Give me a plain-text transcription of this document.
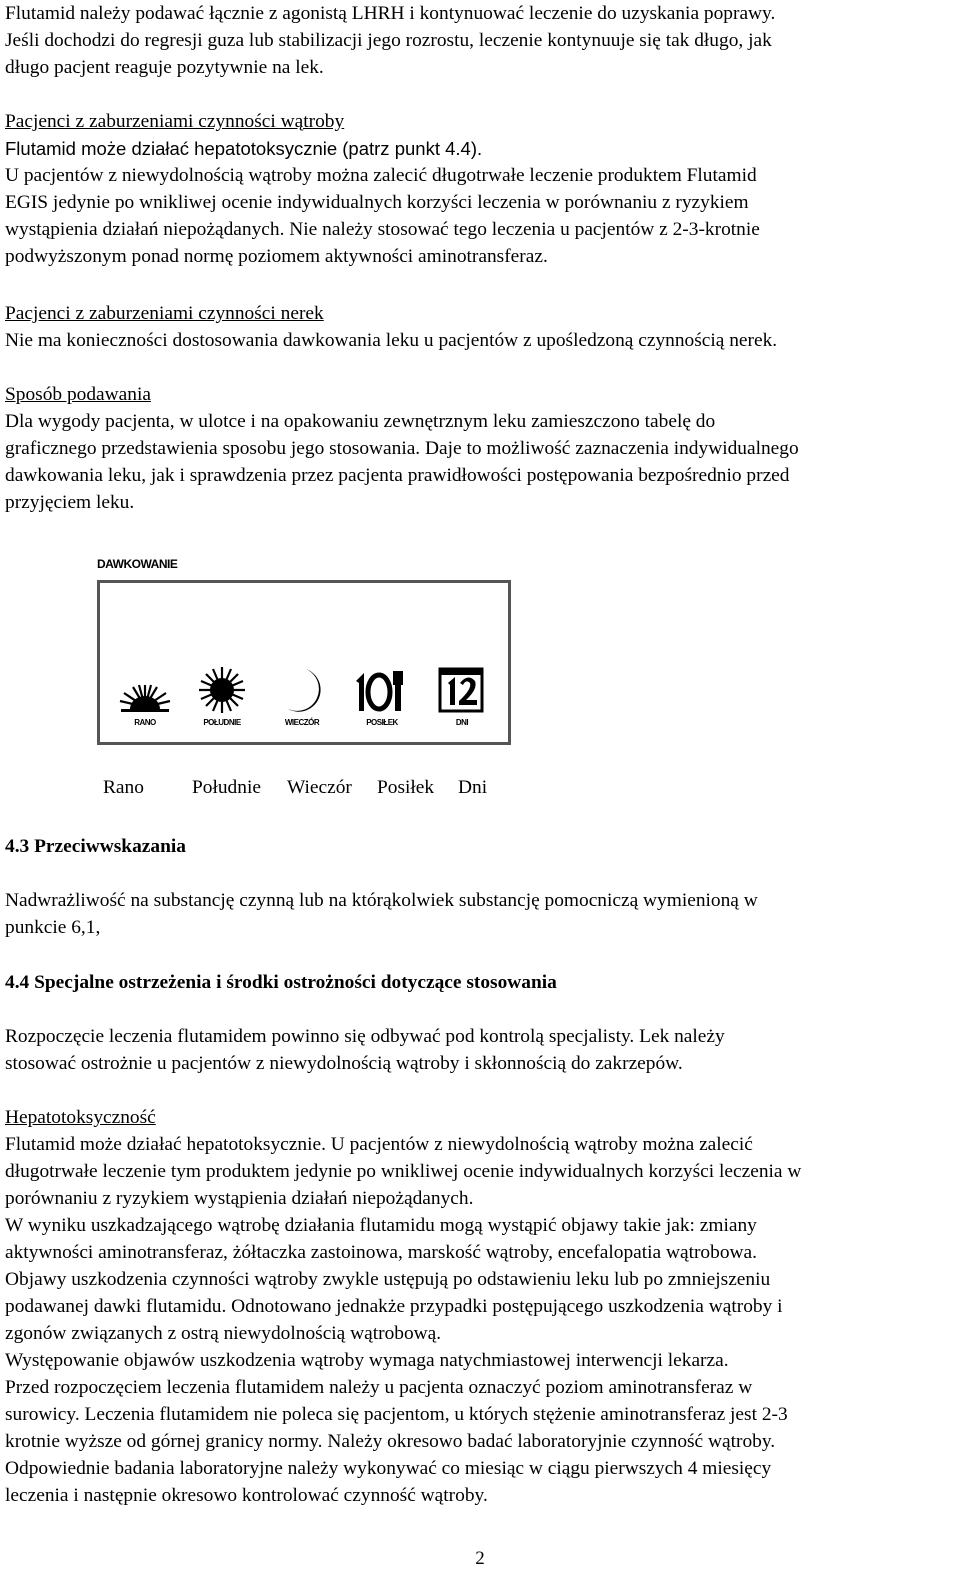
Flutamid należy podawać łącznie z agonistą LHRH i kontynuować leczenie do uzyskania poprawy.

Jeśli dochodzi do regresji guza lub stabilizacji jego rozrostu, leczenie kontynuuje się tak długo, jak

długo pacjent reaguje pozytywnie na lek.

Pacjenci z zaburzeniami czynności wątroby

Flutamid może działać hepatotoksycznie (patrz punkt 4.4).

U pacjentów z niewydolnością wątroby można zalecić długotrwałe leczenie produktem Flutamid

EGIS jedynie po wnikliwej ocenie indywidualnych korzyści leczenia w porównaniu z ryzykiem

wystąpienia działań niepożądanych. Nie należy stosować tego leczenia u pacjentów z 2-3-krotnie

podwyższonym ponad normę poziomem aktywności aminotransferaz.

Pacjenci z zaburzeniami czynności nerek

Nie ma konieczności dostosowania dawkowania leku u pacjentów z upośledzoną czynnością nerek.

Sposób podawania

Dla wygody pacjenta, w ulotce i na opakowaniu zewnętrznym leku zamieszczono tabelę do

graficznego przedstawienia sposobu jego stosowania. Daje to możliwość zaznaczenia indywidualnego

dawkowania leku, jak i sprawdzenia przez pacjenta prawidłowości postępowania bezpośrednio przed

przyjęciem leku.

DAWKOWANIE
RANO	POŁUDNIE	WIECZÓR	POSIŁEK	DNI
Rano Południe Wieczór Posiłek Dni

4.3 Przeciwwskazania

Nadwrażliwość na substancję czynną lub na którąkolwiek substancję pomocniczą wymienioną w

punkcie 6,1,

4.4 Specjalne ostrzeżenia i środki ostrożności dotyczące stosowania

Rozpoczęcie leczenia flutamidem powinno się odbywać pod kontrolą specjalisty. Lek należy

stosować ostrożnie u pacjentów z niewydolnością wątroby i skłonnością do zakrzepów.

Hepatotoksyczność

Flutamid może działać hepatotoksycznie. U pacjentów z niewydolnością wątroby można zalecić

długotrwałe leczenie tym produktem jedynie po wnikliwej ocenie indywidualnych korzyści leczenia w

porównaniu z ryzykiem wystąpienia działań niepożądanych.

W wyniku uszkadzającego wątrobę działania flutamidu mogą wystąpić objawy takie jak: zmiany

aktywności aminotransferaz, żółtaczka zastoinowa, marskość wątroby, encefalopatia wątrobowa.

Objawy uszkodzenia czynności wątroby zwykle ustępują po odstawieniu leku lub po zmniejszeniu

podawanej dawki flutamidu. Odnotowano jednakże przypadki postępującego uszkodzenia wątroby i

zgonów związanych z ostrą niewydolnością wątrobową.

Występowanie objawów uszkodzenia wątroby wymaga natychmiastowej interwencji lekarza.

Przed rozpoczęciem leczenia flutamidem należy u pacjenta oznaczyć poziom aminotransferaz w

surowicy. Leczenia flutamidem nie poleca się pacjentom, u których stężenie aminotransferaz jest 2-3

krotnie wyższe od górnej granicy normy. Należy okresowo badać laboratoryjnie czynność wątroby.

Odpowiednie badania laboratoryjne należy wykonywać co miesiąc w ciągu pierwszych 4 miesięcy

leczenia i następnie okresowo kontrolować czynność wątroby.

2
